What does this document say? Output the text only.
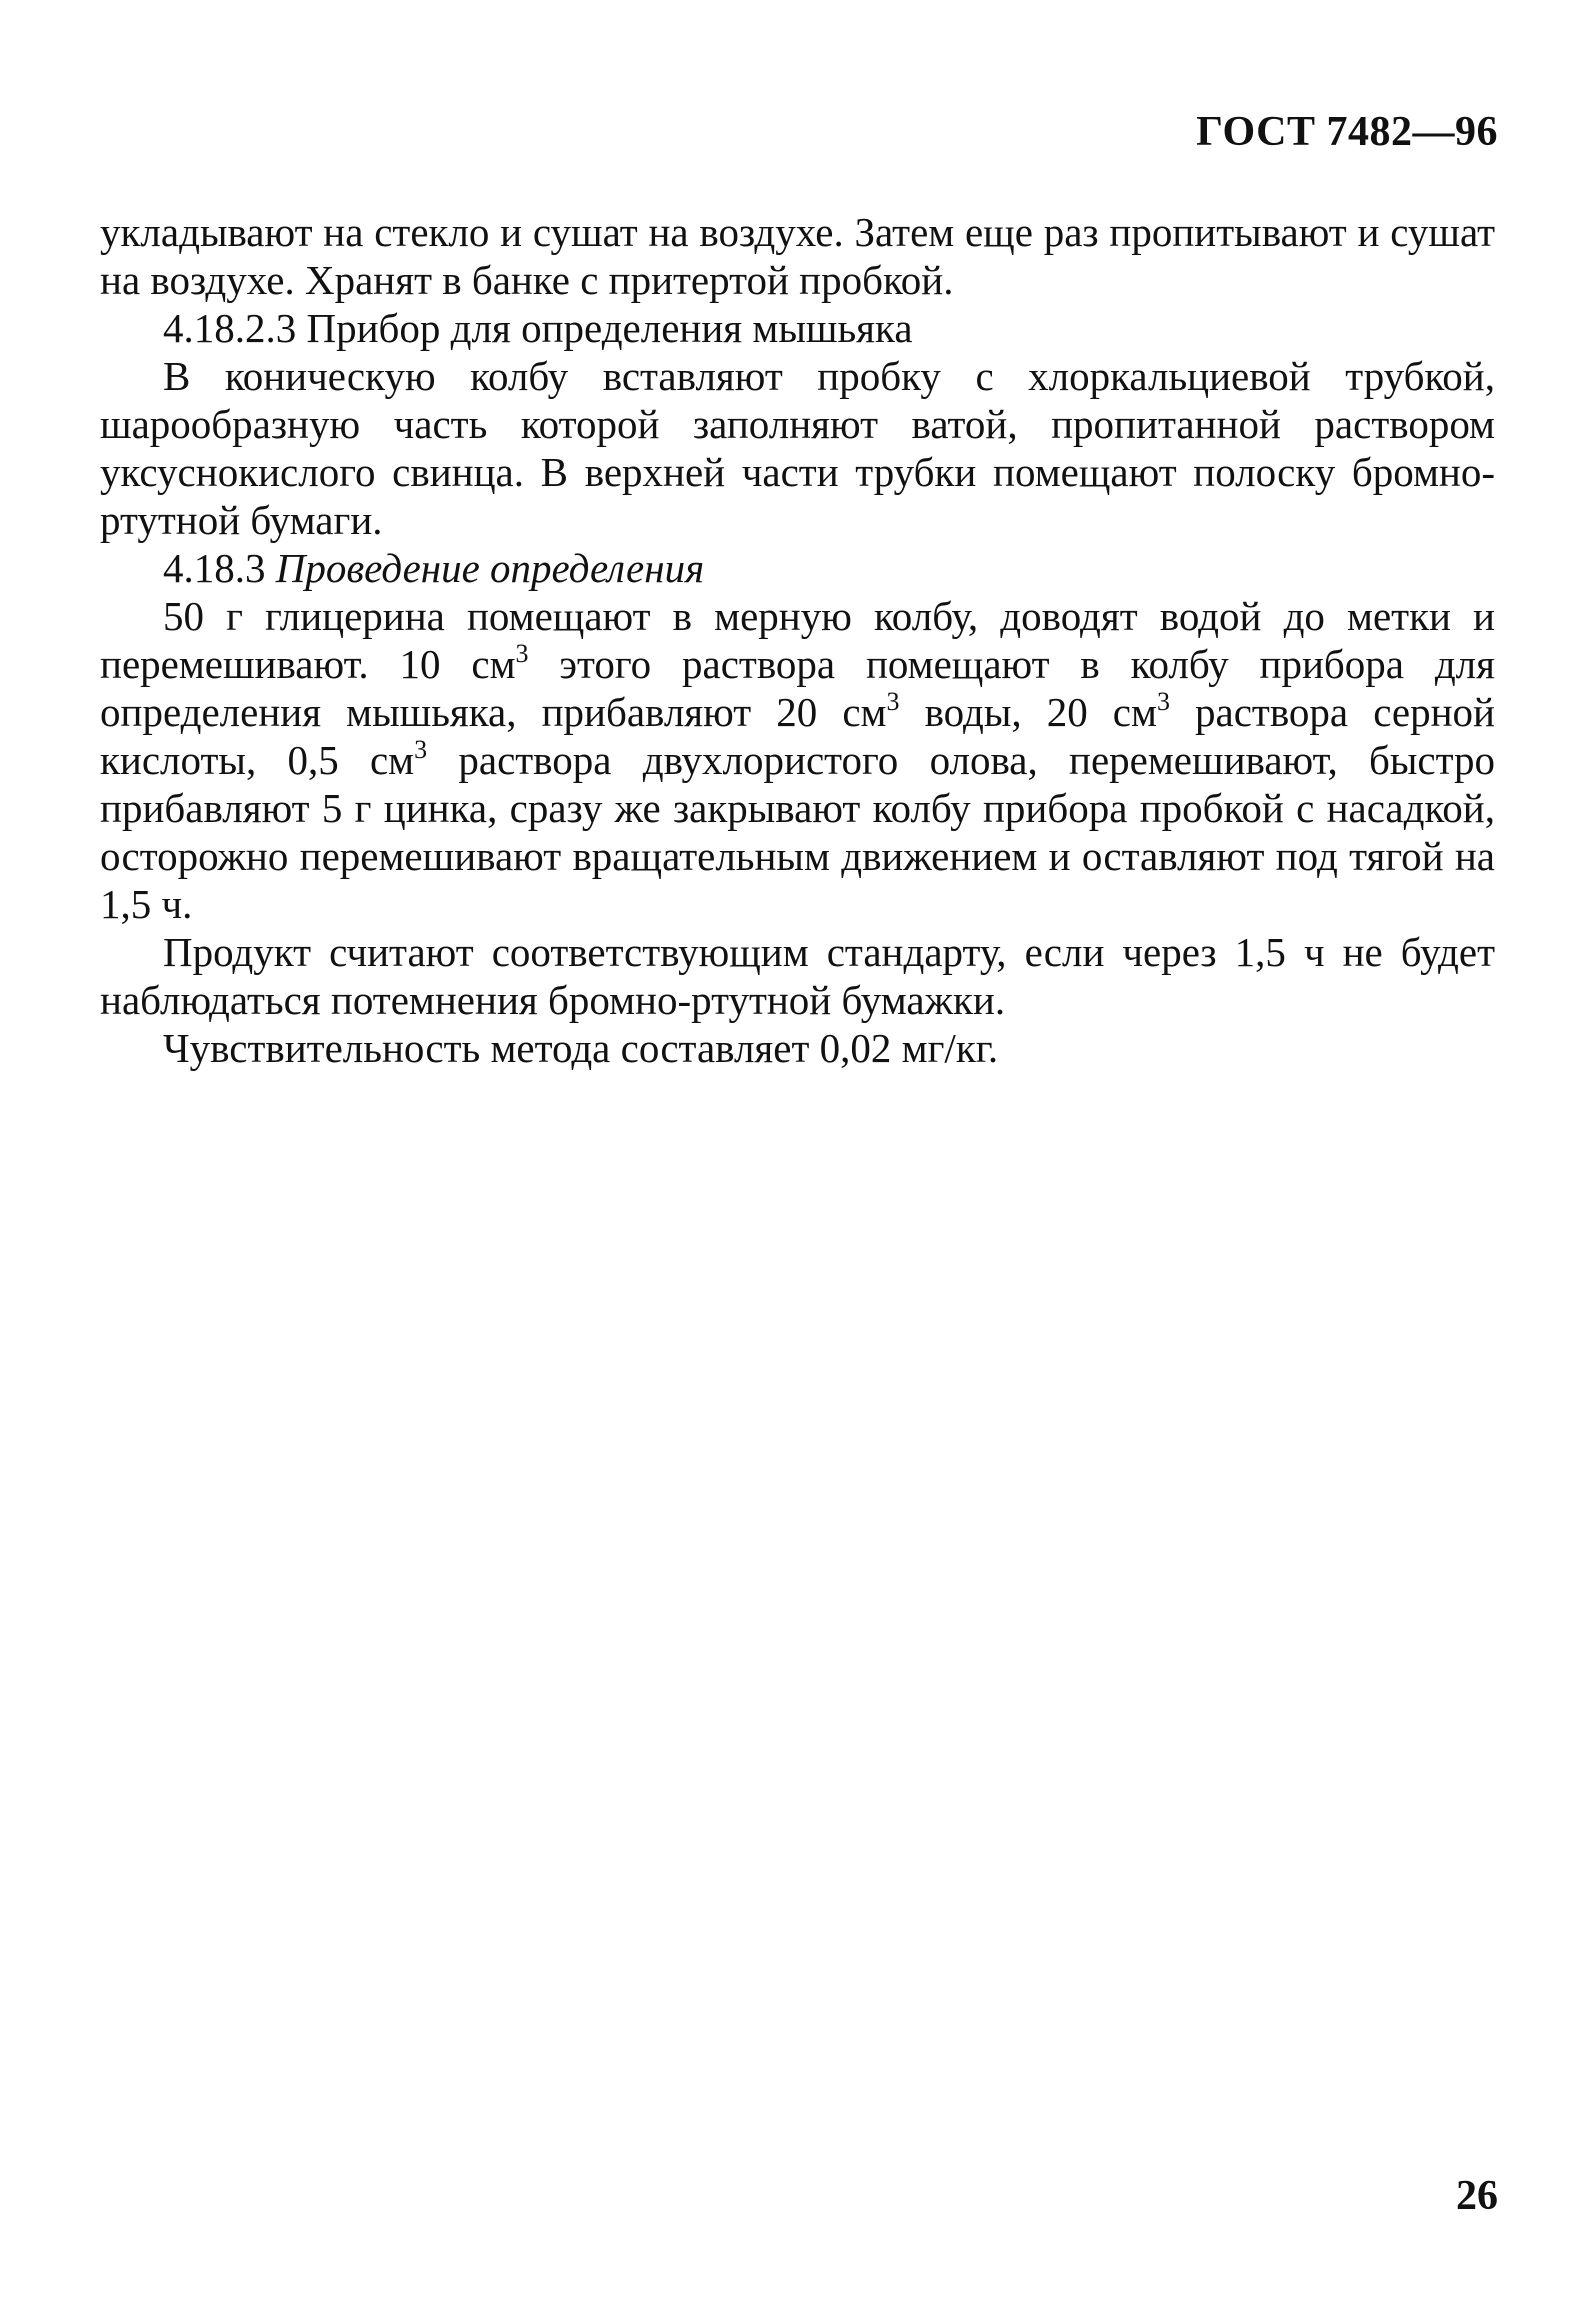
ГОСТ 7482—96

укладывают на стекло и сушат на воздухе. Затем еще раз пропитывают и сушат на воздухе. Хранят в банке с притертой пробкой.

4.18.2.3 Прибор для определения мышьяка

В коническую колбу вставляют пробку с хлоркальциевой трубкой, шарообразную часть которой заполняют ватой, пропитанной раствором уксуснокислого свинца. В верхней части трубки помещают полоску бромно-ртутной бумаги.

4.18.3 Проведение определения

50 г глицерина помещают в мерную колбу, доводят водой до метки и перемешивают. 10 $см^3$ этого раствора помещают в колбу прибора для определения мышьяка, прибавляют 20 $см^3$ воды, 20 $см^3$ раствора серной кислоты, 0,5 $см^3$ раствора двухлористого олова, перемешивают, быстро прибавляют 5 г цинка, сразу же закрывают колбу прибора пробкой с насадкой, осторожно перемешивают вращательным движением и оставляют под тягой на 1,5 ч.

Продукт считают соответствующим стандарту, если через 1,5 ч не будет наблюдаться потемнения бромно-ртутной бумажки.

Чувствительность метода составляет 0,02 мг/кг.

26
